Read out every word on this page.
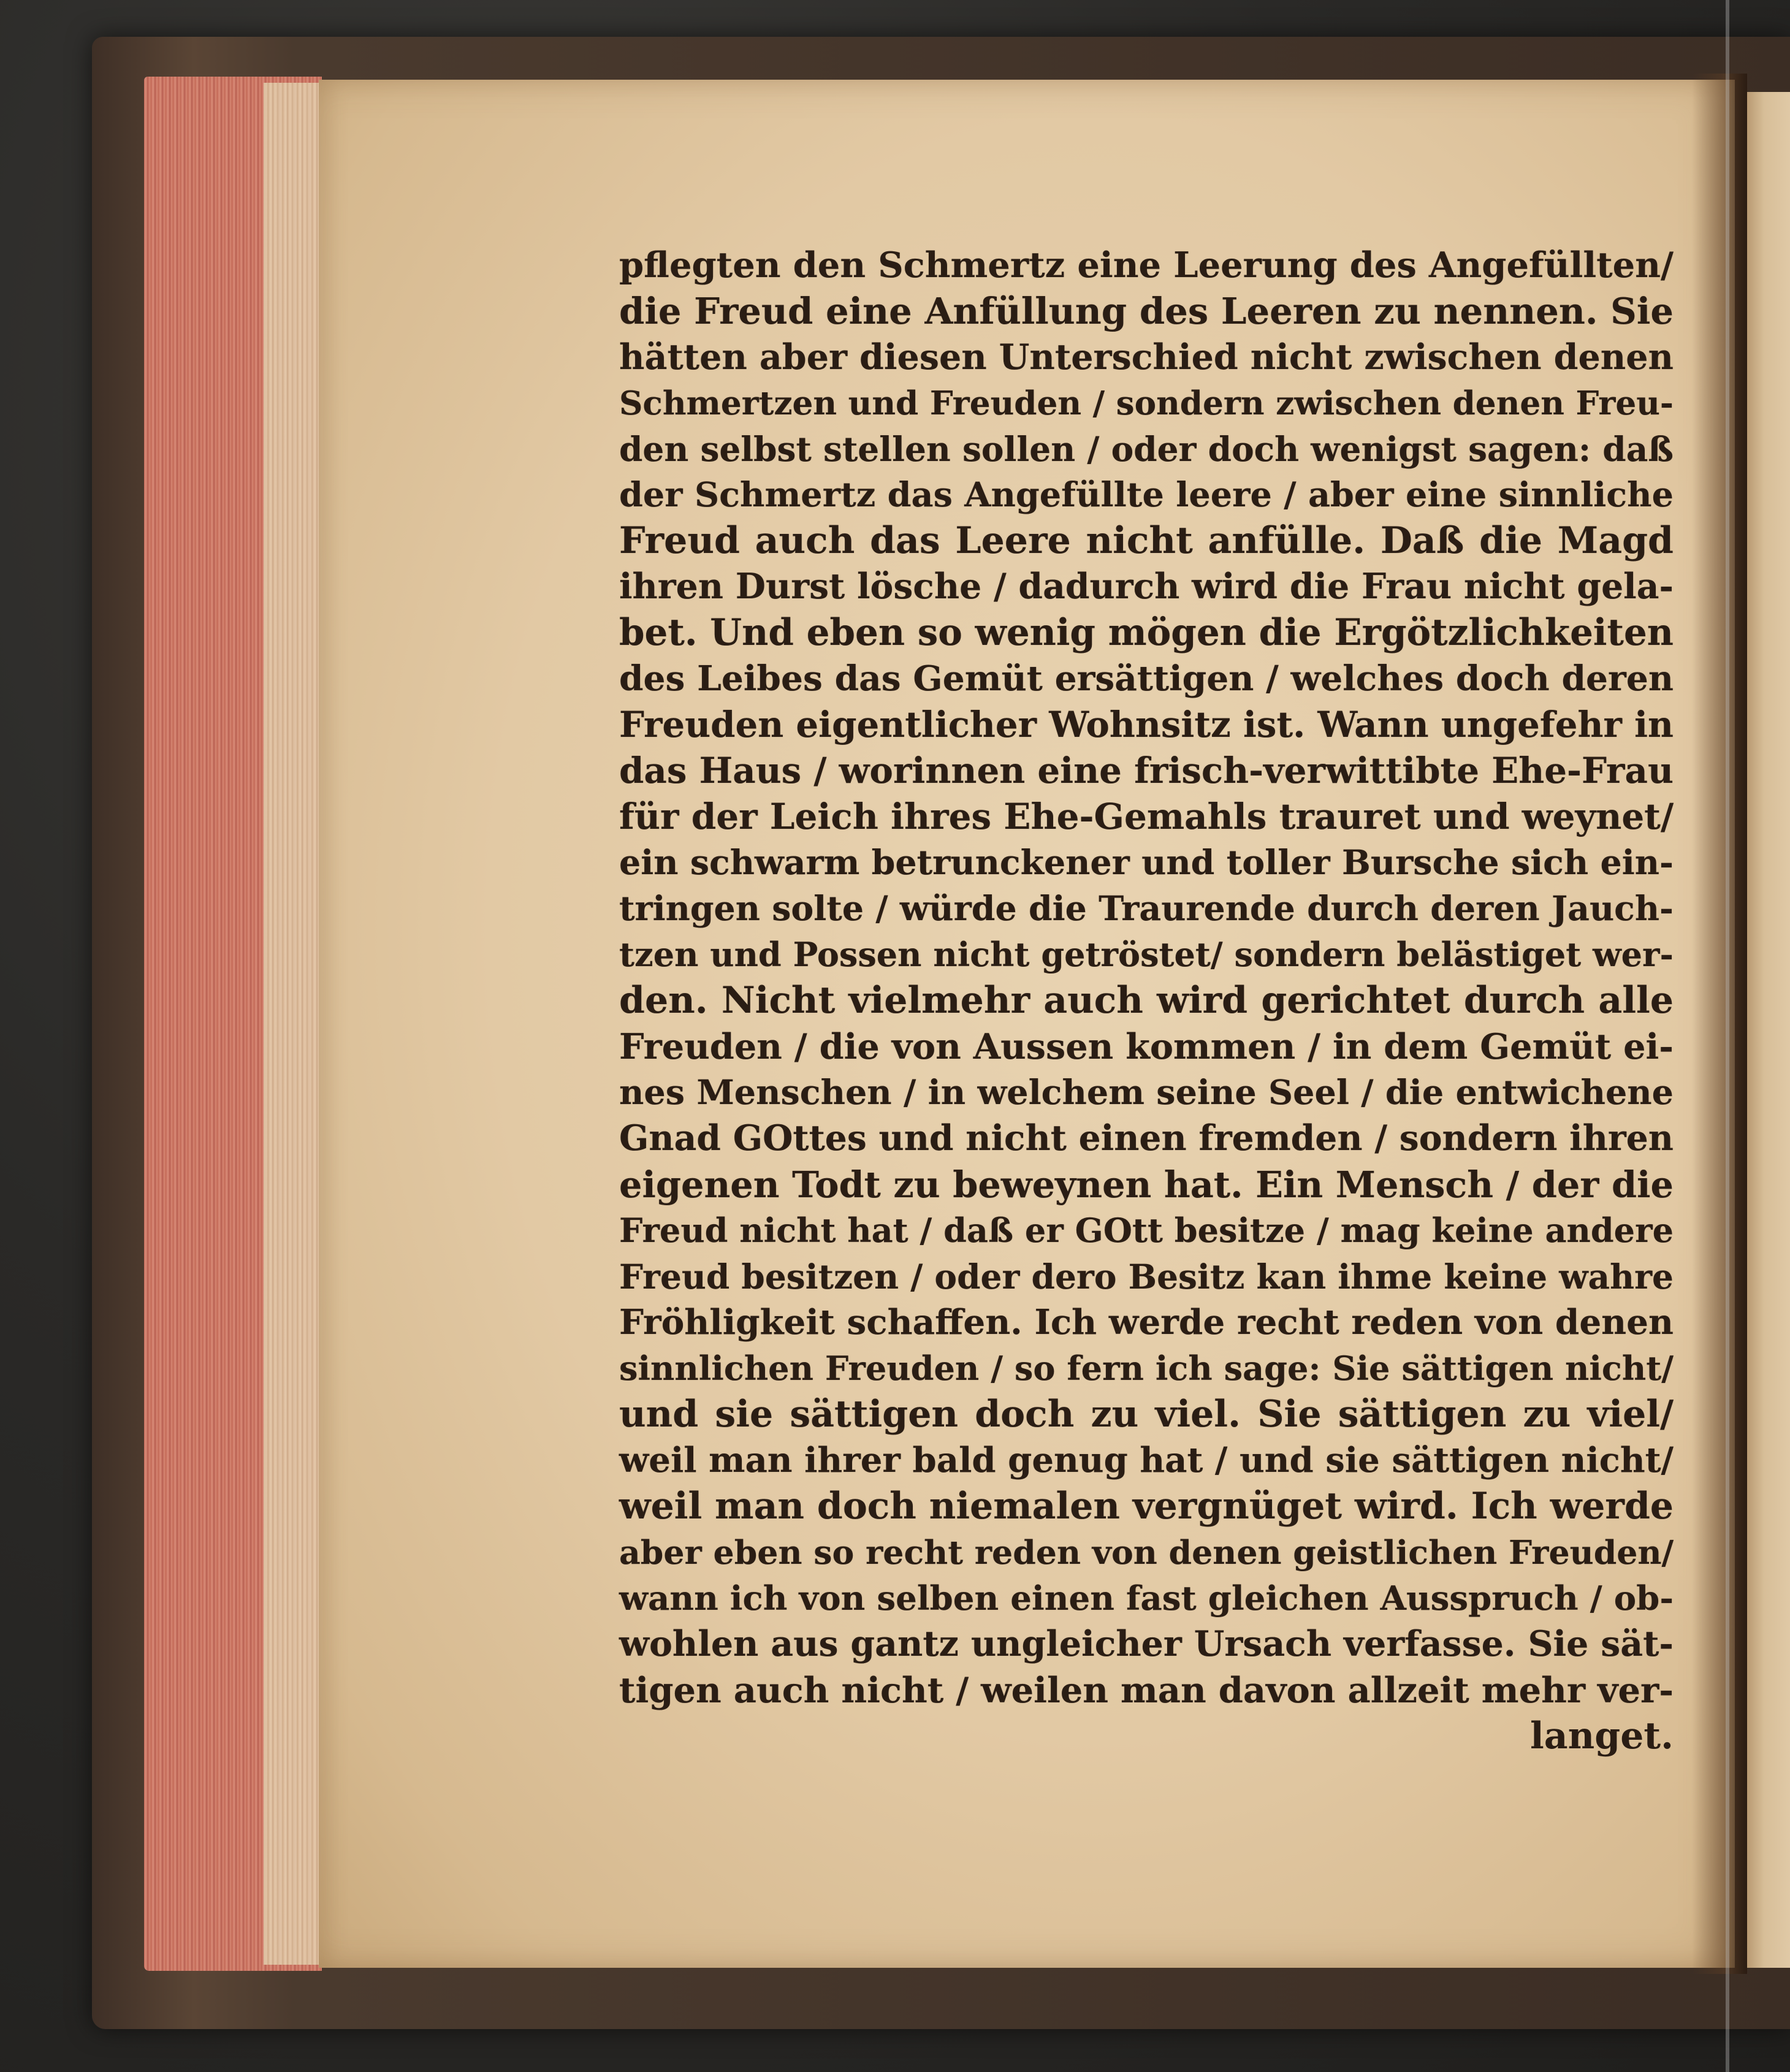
pflegten den Schmertz eine Leerung des Angefüllten/
die Freud eine Anfüllung des Leeren zu nennen. Sie
hätten aber diesen Unterschied nicht zwischen denen
Schmertzen und Freuden / sondern zwischen denen Freu-
den selbst stellen sollen / oder doch wenigst sagen: daß
der Schmertz das Angefüllte leere / aber eine sinnliche
Freud auch das Leere nicht anfülle. Daß die Magd
ihren Durst lösche / dadurch wird die Frau nicht gela-
bet. Und eben so wenig mögen die Ergötzlichkeiten
des Leibes das Gemüt ersättigen / welches doch deren
Freuden eigentlicher Wohnsitz ist. Wann ungefehr in
das Haus / worinnen eine frisch-verwittibte Ehe-Frau
für der Leich ihres Ehe-Gemahls trauret und weynet/
ein schwarm betrunckener und toller Bursche sich ein-
tringen solte / würde die Traurende durch deren Jauch-
tzen und Possen nicht getröstet/ sondern belästiget wer-
den. Nicht vielmehr auch wird gerichtet durch alle
Freuden / die von Aussen kommen / in dem Gemüt ei-
nes Menschen / in welchem seine Seel / die entwichene
Gnad GOttes und nicht einen fremden / sondern ihren
eigenen Todt zu beweynen hat. Ein Mensch / der die
Freud nicht hat / daß er GOtt besitze / mag keine andere
Freud besitzen / oder dero Besitz kan ihme keine wahre
Fröhligkeit schaffen. Ich werde recht reden von denen
sinnlichen Freuden / so fern ich sage: Sie sättigen nicht/
und sie sättigen doch zu viel. Sie sättigen zu viel/
weil man ihrer bald genug hat / und sie sättigen nicht/
weil man doch niemalen vergnüget wird. Ich werde
aber eben so recht reden von denen geistlichen Freuden/
wann ich von selben einen fast gleichen Ausspruch / ob-
wohlen aus gantz ungleicher Ursach verfasse. Sie sät-
tigen auch nicht / weilen man davon allzeit mehr ver-
langet.
